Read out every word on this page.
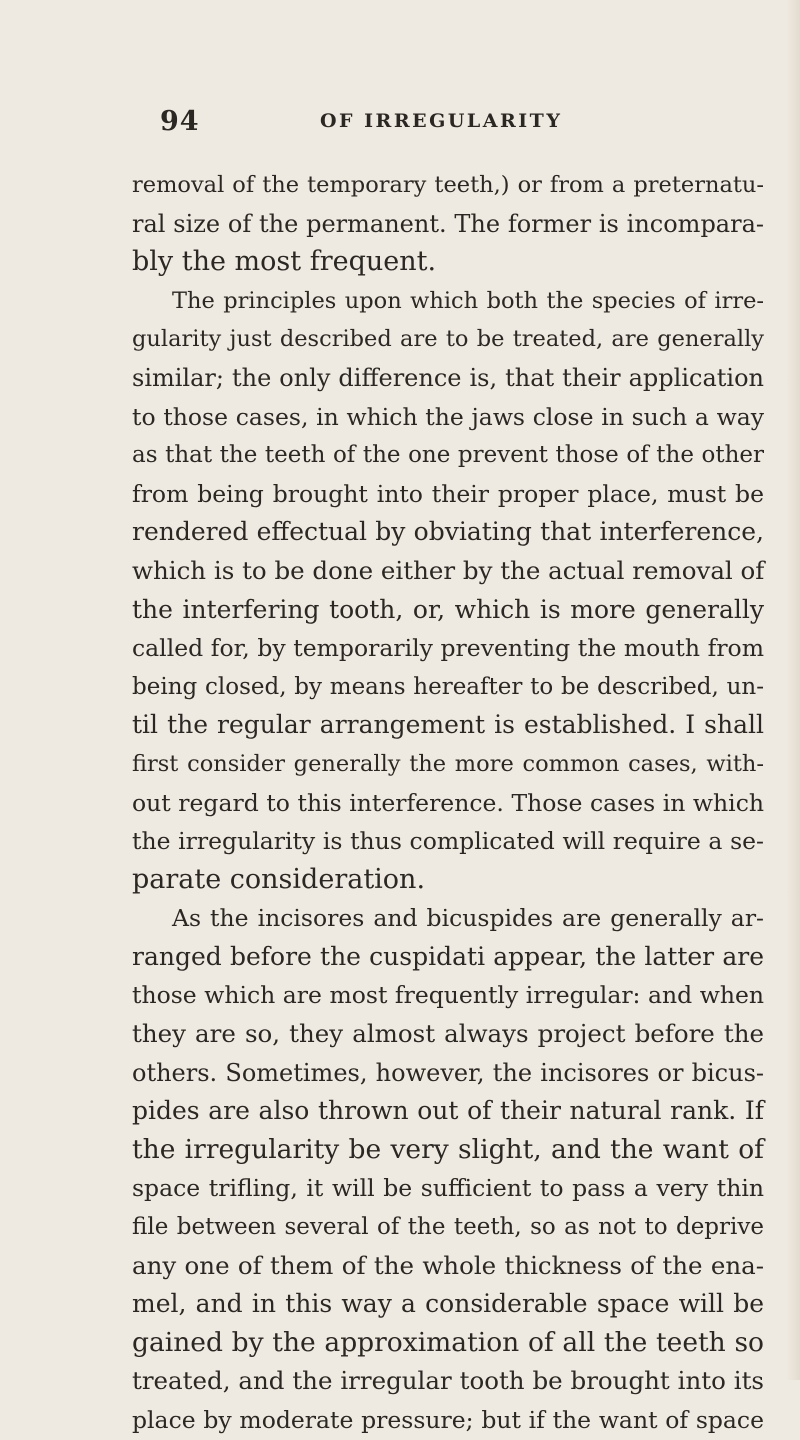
94	OF IRREGULARITY
removal of the temporary teeth,) or from a preternatu-
ral size of the permanent. The former is incompara-
bly the most frequent.
The principles upon which both the species of irre-
gularity just described are to be treated, are generally
similar; the only difference is, that their application
to those cases, in which the jaws close in such a way
as that the teeth of the one prevent those of the other
from being brought into their proper place, must be
rendered effectual by obviating that interference,
which is to be done either by the actual removal of
the interfering tooth, or, which is more generally
called for, by temporarily preventing the mouth from
being closed, by means hereafter to be described, un-
til the regular arrangement is established. I shall
first consider generally the more common cases, with-
out regard to this interference. Those cases in which
the irregularity is thus complicated will require a se-
parate consideration.
As the incisores and bicuspides are generally ar-
ranged before the cuspidati appear, the latter are
those which are most frequently irregular: and when
they are so, they almost always project before the
others. Sometimes, however, the incisores or bicus-
pides are also thrown out of their natural rank. If
the irregularity be very slight, and the want of
space trifling, it will be sufficient to pass a very thin
file between several of the teeth, so as not to deprive
any one of them of the whole thickness of the ena-
mel, and in this way a considerable space will be
gained by the approximation of all the teeth so
treated, and the irregular tooth be brought into its
place by moderate pressure; but if the want of space
